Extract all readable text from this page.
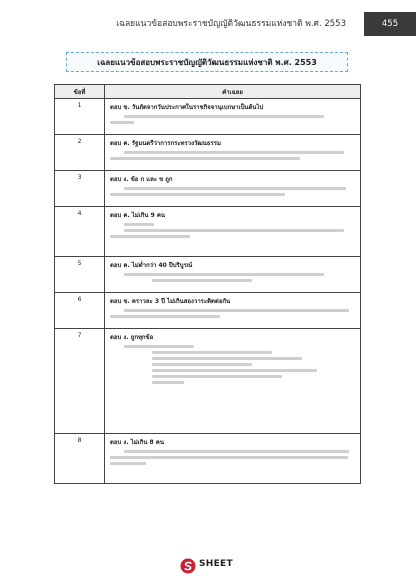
เฉลยแนวข้อสอบพระราชบัญญัติวัฒนธรรมแห่งชาติ พ.ศ. 2553	455
เฉลยแนวข้อสอบพระราชบัญญัติวัฒนธรรมแห่งชาติ พ.ศ. 2553
ข้อที่	คำเฉลย
1	ตอบ ข. วันถัดจากวันประกาศในราชกิจจานุเบกษาเป็นต้นไป

2	ตอบ ค. รัฐมนตรีว่าการกระทรวงวัฒนธรรม

3	ตอบ ง. ข้อ ก และ ข ถูก

4	ตอบ ค. ไม่เกิน 9 คน

5	ตอบ ค. ไม่ต่ำกว่า 40 ปีบริบูรณ์

6	ตอบ ข. คราวละ 3 ปี ไม่เกินสองวาระติดต่อกัน

7	ตอบ ง. ถูกทุกข้อ

8	ตอบ ง. ไม่เกิน 8 คน
SHEET
